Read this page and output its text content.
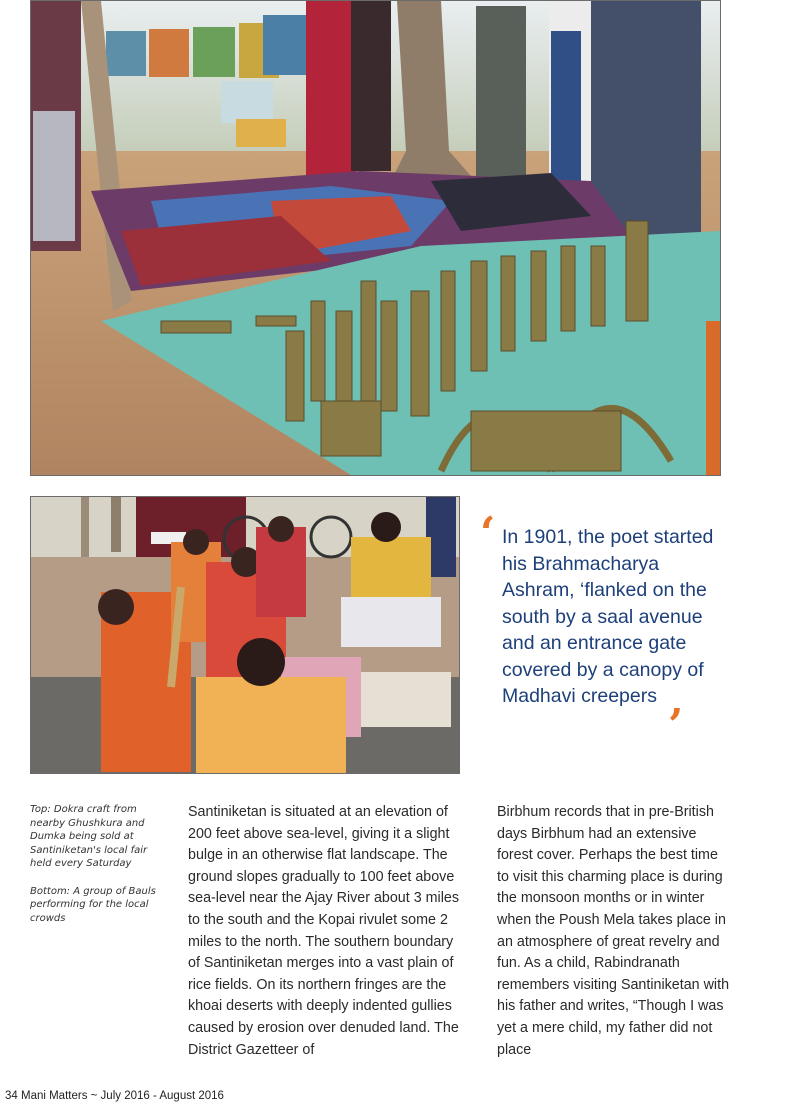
‘ In 1901, the poet started his Brahmacharya Ashram, ‘flanked on the south by a saal avenue and an entrance gate covered by a canopy of Madhavi creepers

’

Top: Dokra craft from nearby Ghushkura and Dumka being sold at Santiniketan's local fair held every Saturday

Bottom: A group of Bauls performing for the local crowds

Santiniketan is situated at an elevation of 200 feet above sea-level, giving it a slight bulge in an otherwise flat landscape. The ground slopes gradually to 100 feet above sea-level near the Ajay River about 3 miles to the south and the Kopai rivulet some 2 miles to the north. The southern boundary of Santiniketan merges into a vast plain of rice fields. On its northern fringes are the khoai deserts with deeply indented gullies caused by erosion over denuded land. The District Gazetteer of

Birbhum records that in pre-British days Birbhum had an extensive forest cover. Perhaps the best time to visit this charming place is during the monsoon months or in winter when the Poush Mela takes place in an atmosphere of great revelry and fun. As a child, Rabindranath remembers visiting Santiniketan with his father and writes, “Though I was yet a mere child, my father did not place

34 Mani Matters ~ July 2016 - August 2016
